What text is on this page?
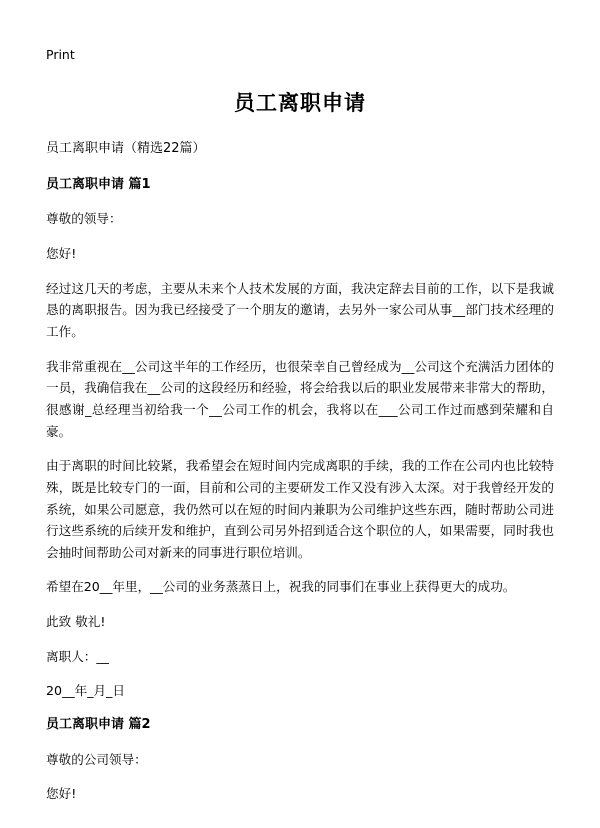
Print
员工离职申请
员工离职申请（精选22篇）
员工离职申请 篇1

尊敬的领导：

您好!

经过这几天的考虑，主要从未来个人技术发展的方面，我决定辞去目前的工作，以下是我诚恳的离职报告。因为我已经接受了一个朋友的邀请，去另外一家公司从事__部门技术经理的工作。

我非常重视在__公司这半年的工作经历，也很荣幸自己曾经成为__公司这个充满活力团体的一员，我确信我在__公司的这段经历和经验，将会给我以后的职业发展带来非常大的帮助，很感谢_总经理当初给我一个__公司工作的机会，我将以在___公司工作过而感到荣耀和自豪。

由于离职的时间比较紧，我希望会在短时间内完成离职的手续，我的工作在公司内也比较特殊，既是比较专门的一面，目前和公司的主要研发工作又没有涉入太深。对于我曾经开发的系统，如果公司愿意，我仍然可以在短的时间内兼职为公司维护这些东西，随时帮助公司进行这些系统的后续开发和维护，直到公司另外招到适合这个职位的人，如果需要，同时我也会抽时间帮助公司对新来的同事进行职位培训。

希望在20__年里，__公司的业务蒸蒸日上，祝我的同事们在事业上获得更大的成功。

此致 敬礼!

离职人：__
20__年_月_日
员工离职申请 篇2

尊敬的公司领导：

您好!
